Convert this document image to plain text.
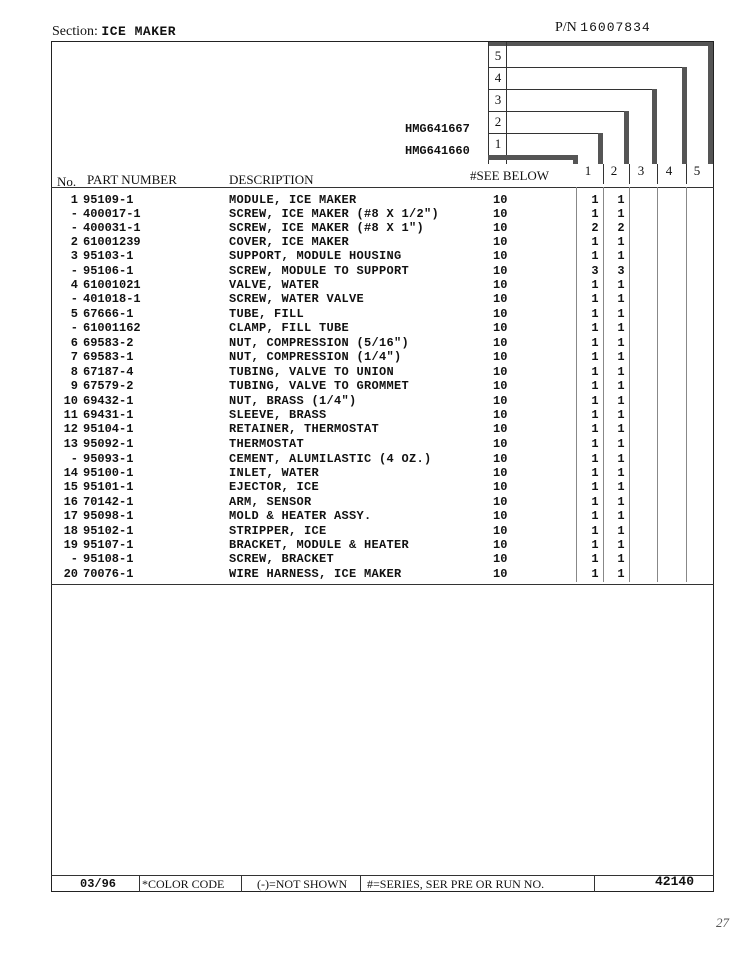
Section: ICE MAKER	P/N 16007834
5
4
3
2
1
1	2	3	4	5
HMG641667
HMG641660
No. PART NUMBER	DESCRIPTION	#SEE BELOW
1 95109-1	MODULE, ICE MAKER	10	1 1
- 400017-1	SCREW, ICE MAKER (#8 X 1/2")	10	1 1
- 400031-1	SCREW, ICE MAKER (#8 X 1")	10	2 2
2 61001239	COVER, ICE MAKER	10	1 1
3 95103-1	SUPPORT, MODULE HOUSING	10	1 1
- 95106-1	SCREW, MODULE TO SUPPORT	10	3 3
4 61001021	VALVE, WATER	10	1 1
- 401018-1	SCREW, WATER VALVE	10	1 1
5 67666-1	TUBE, FILL	10	1 1
- 61001162	CLAMP, FILL TUBE	10	1 1
6 69583-2	NUT, COMPRESSION (5/16")	10	1 1
7 69583-1	NUT, COMPRESSION (1/4")	10	1 1
8 67187-4	TUBING, VALVE TO UNION	10	1 1
9 67579-2	TUBING, VALVE TO GROMMET	10	1 1
10 69432-1	NUT, BRASS (1/4")	10	1 1
11 69431-1	SLEEVE, BRASS	10	1 1
12 95104-1	RETAINER, THERMOSTAT	10	1 1
13 95092-1	THERMOSTAT	10	1 1
- 95093-1	CEMENT, ALUMILASTIC (4 OZ.)	10	1 1
14 95100-1	INLET, WATER	10	1 1
15 95101-1	EJECTOR, ICE	10	1 1
16 70142-1	ARM, SENSOR	10	1 1
17 95098-1	MOLD & HEATER ASSY.	10	1 1
18 95102-1	STRIPPER, ICE	10	1 1
19 95107-1	BRACKET, MODULE & HEATER	10	1 1
- 95108-1	SCREW, BRACKET	10	1 1
20 70076-1	WIRE HARNESS, ICE MAKER	10	1 1
03/96 *COLOR CODE	(-)=NOT SHOWN #=SERIES, SER PRE OR RUN NO.	42140
27
